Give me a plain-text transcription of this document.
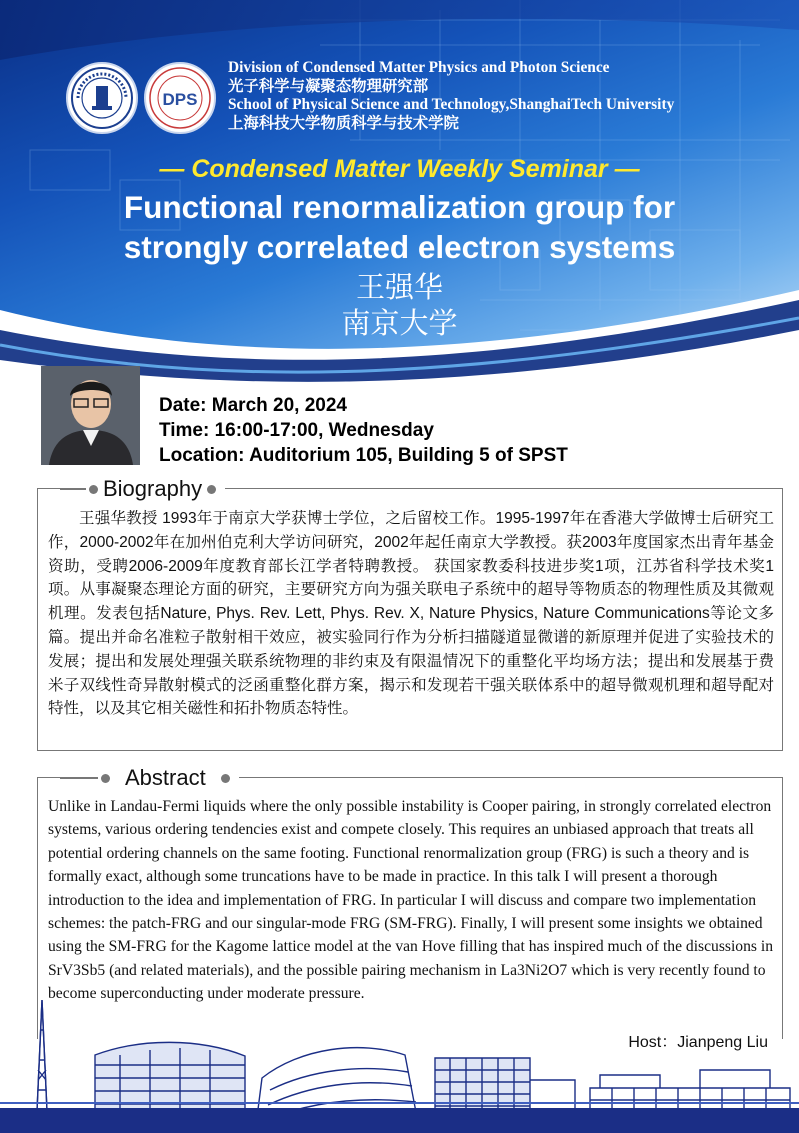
DPS
Division of Condensed Matter Physics and Photon Science
光子科学与凝聚态物理研究部
School of Physical Science and Technology,ShanghaiTech University
上海科技大学物质科学与技术学院
— Condensed Matter Weekly Seminar —
Functional renormalization group for
strongly correlated electron systems
王强华
南京大学
Date: March 20, 2024
Time: 16:00-17:00, Wednesday
Location: Auditorium 105, Building 5 of SPST
Biography
王强华教授 1993年于南京大学获博士学位，之后留校工作。1995-1997年在香港大学做博士后研究工作，2000-2002年在加州伯克利大学访问研究，2002年起任南京大学教授。获2003年度国家杰出青年基金资助，受聘2006-2009年度教育部长江学者特聘教授。 获国家教委科技进步奖1项，江苏省科学技术奖1项。从事凝聚态理论方面的研究，主要研究方向为强关联电子系统中的超导等物质态的物理性质及其微观机理。发表包括Nature, Phys. Rev. Lett, Phys. Rev. X, Nature Physics, Nature Communications等论文多篇。提出并命名准粒子散射相干效应，被实验同行作为分析扫描隧道显微谱的新原理并促进了实验技术的发展；提出和发展处理强关联系统物理的非约束及有限温情况下的重整化平均场方法；提出和发展基于费米子双线性奇异散射模式的泛函重整化群方案，揭示和发现若干强关联体系中的超导微观机理和超导配对特性，以及其它相关磁性和拓扑物质态特性。
Abstract
Unlike in Landau-Fermi liquids where the only possible instability is Cooper pairing, in strongly correlated electron systems, various ordering tendencies exist and compete closely. This requires an unbiased approach that treats all potential ordering channels on the same footing. Functional renormalization group (FRG) is such a theory and is formally exact, although some truncations have to be made in practice. In this talk I will present a thorough introduction to the idea and implementation of FRG. In particular I will discuss and compare two implementation schemes: the patch-FRG and our singular-mode FRG (SM-FRG). Finally, I will present some insights we obtained using the SM-FRG for the Kagome lattice model at the van Hove filling that has inspired much of the discussions in SrV3Sb5 (and related materials), and the possible pairing mechanism in La3Ni2O7 which is very recently found to become superconducting under moderate pressure.
Host：Jianpeng Liu
